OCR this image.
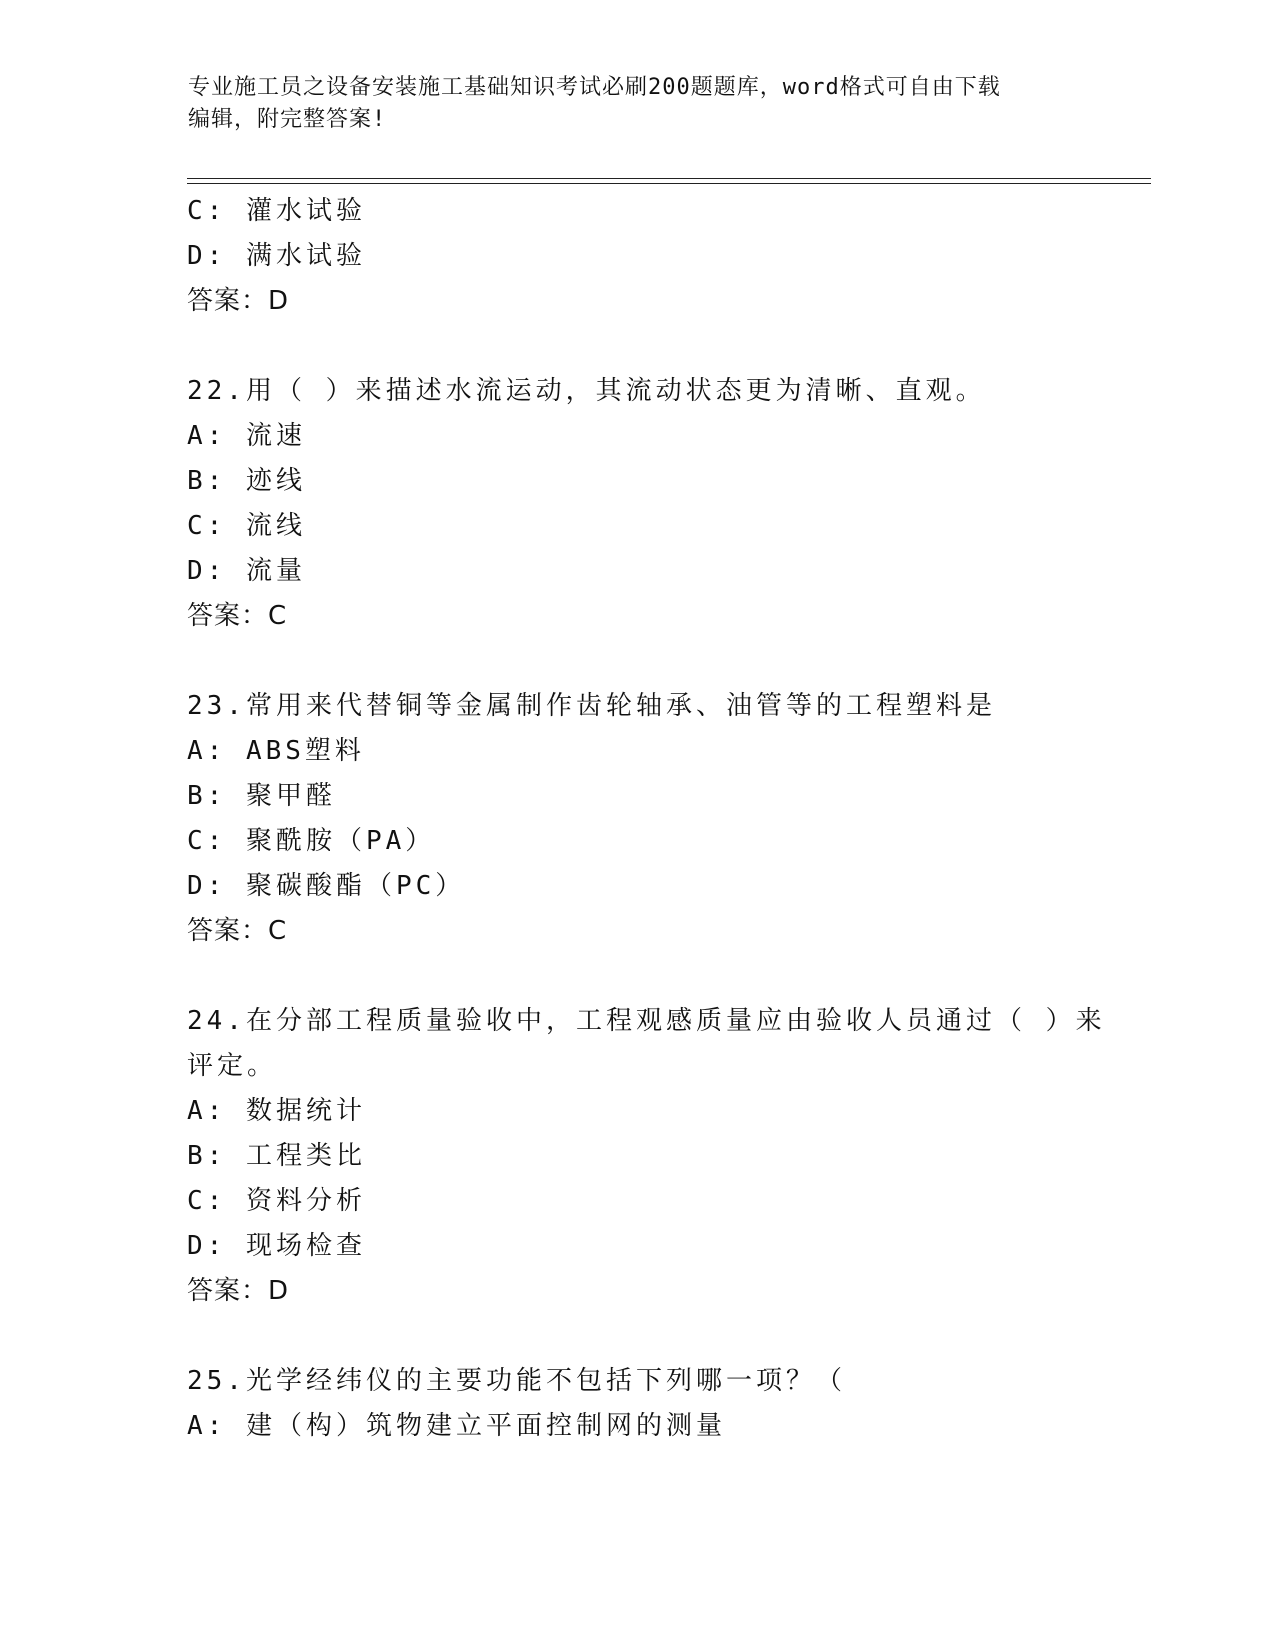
专业施工员之设备安装施工基础知识考试必刷200题题库，word格式可自由下载
编辑，附完整答案!
C: 灌水试验
D: 满水试验
答案：D
22.用（ ）来描述水流运动，其流动状态更为清晰、直观。
A: 流速
B: 迹线
C: 流线
D: 流量
答案：C
23.常用来代替铜等金属制作齿轮轴承、油管等的工程塑料是
A: ABS塑料
B: 聚甲醛
C: 聚酰胺（PA）
D: 聚碳酸酯（PC）
答案：C
24.在分部工程质量验收中，工程观感质量应由验收人员通过（ ）来
评定。
A: 数据统计
B: 工程类比
C: 资料分析
D: 现场检查
答案：D
25.光学经纬仪的主要功能不包括下列哪一项？（
A: 建（构）筑物建立平面控制网的测量
